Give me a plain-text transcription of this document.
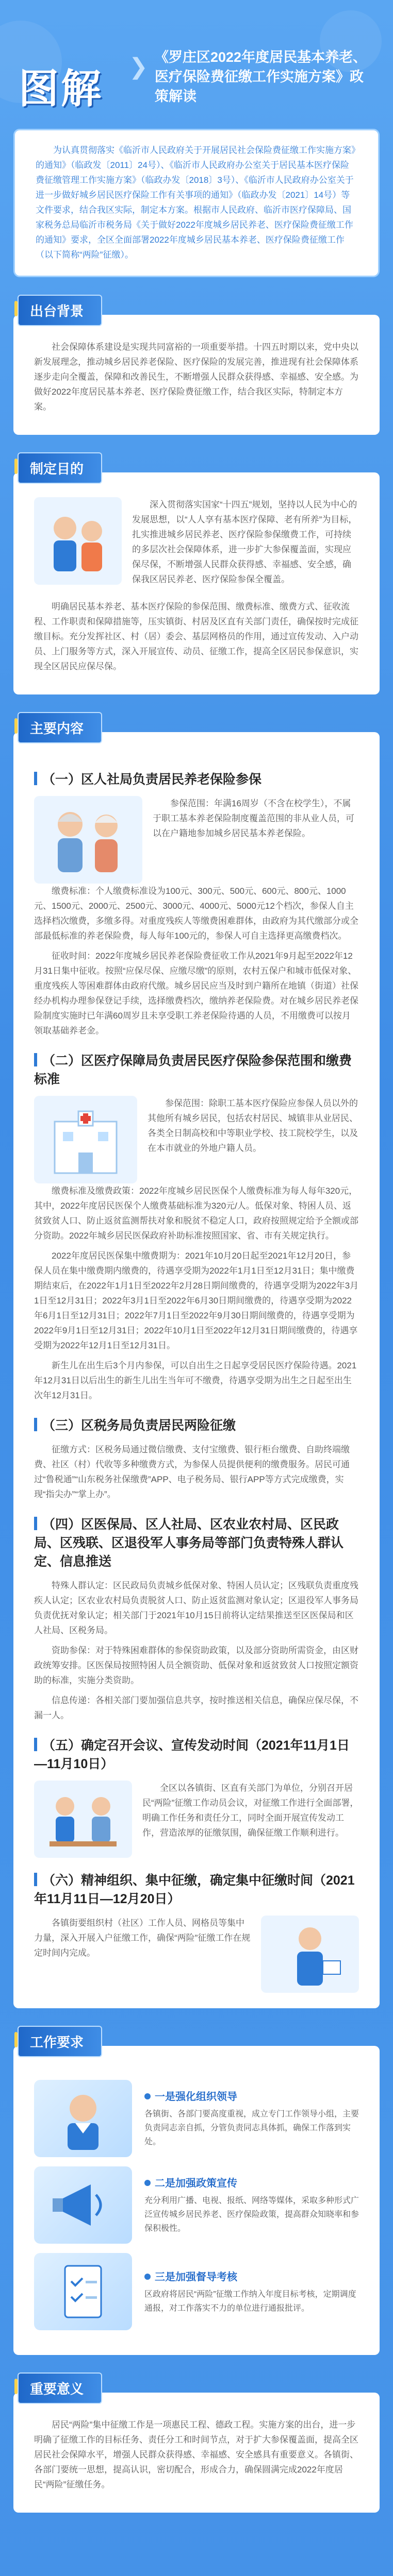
图解 ❯ 《罗庄区2022年度居民基本养老、医疗保险费征缴工作实施方案》政策解读

为认真贯彻落实《临沂市人民政府关于开展居民社会保险费征缴工作实施方案》的通知》（临政发〔2011〕24号）、《临沂市人民政府办公室关于居民基本医疗保险费征缴管理工作实施方案》（临政办发〔2018〕3号）、《临沂市人民政府办公室关于进一步做好城乡居民医疗保险工作有关事项的通知》（临政办发〔2021〕14号）等文件要求，结合我区实际，制定本方案。根据市人民政府、临沂市医疗保障局、国家税务总局临沂市税务局《关于做好2022年度城乡居民养老、医疗保险费征缴工作的通知》要求，全区全面部署2022年度城乡居民基本养老、医疗保险费征缴工作（以下简称“两险”征缴）。

出台背景

社会保障体系建设是实现共同富裕的一项重要举措。十四五时期以来，党中央以新发展理念，推动城乡居民养老保险、医疗保险的发展完善，推进现有社会保障体系逐步走向全覆盖，保障和改善民生，不断增强人民群众获得感、幸福感、安全感。为做好2022年度居民基本养老、医疗保险费征缴工作，结合我区实际，特制定本方案。

制定目的

深入贯彻落实国家“十四五”规划，坚持以人民为中心的发展思想，以“人人享有基本医疗保障、老有所养”为目标，扎实推进城乡居民养老、医疗保险参保缴费工作，可持续的多层次社会保障体系，进一步扩大参保覆盖面，实现应保尽保，不断增强人民群众获得感、幸福感、安全感，确保我区居民养老、医疗保险参保全覆盖。

明确居民基本养老、基本医疗保险的参保范围、缴费标准、缴费方式、征收流程、工作职责和保障措施等，压实镇街、村居及区直有关部门责任，确保按时完成征缴目标。充分发挥社区、村（居）委会、基层网格员的作用，通过宣传发动、入户动员、上门服务等方式，深入开展宣传、动员、征缴工作，提高全区居民参保意识，实现全区居民应保尽保。

主要内容
（一）区人社局负责居民养老保险参保

参保范围：年满16周岁（不含在校学生），不属于职工基本养老保险制度覆盖范围的非从业人员，可以在户籍地参加城乡居民基本养老保险。

缴费标准：个人缴费标准设为100元、300元、500元、600元、800元、1000元、1500元、2000元、2500元、3000元、4000元、5000元12个档次，参保人自主选择档次缴费，多缴多得。对重度残疾人等缴费困难群体，由政府为其代缴部分或全部最低标准的养老保险费，每人每年100元的，参保人可自主选择更高缴费档次。

征收时间：2022年度城乡居民养老保险费征收工作从2021年9月起至2022年12月31日集中征收。按照“应保尽保、应缴尽缴”的原则，农村五保户和城市低保对象、重度残疾人等困难群体由政府代缴。城乡居民应当及时到户籍所在地镇（街道）社保经办机构办理参保登记手续，选择缴费档次，缴纳养老保险费。对在城乡居民养老保险制度实施时已年满60周岁且未享受职工养老保险待遇的人员，不用缴费可以按月领取基础养老金。

（二）区医疗保障局负责居民医疗保险参保范围和缴费标准

参保范围：除职工基本医疗保险应参保人员以外的其他所有城乡居民，包括农村居民、城镇非从业居民、各类全日制高校和中等职业学校、技工院校学生，以及在本市就业的外地户籍人员。

缴费标准及缴费政策：2022年度城乡居民医保个人缴费标准为每人每年320元，其中，2022年度居民医保个人缴费基础标准为320元/人。低保对象、特困人员、返贫致贫人口、防止返贫监测帮扶对象和脱贫不稳定人口，政府按照规定给予全额或部分资助。2022年城乡居民医保政府补助标准按照国家、省、市有关规定执行。

2022年度居民医保集中缴费期为：2021年10月20日起至2021年12月20日，参保人员在集中缴费期内缴费的，待遇享受期为2022年1月1日至12月31日；集中缴费期结束后，在2022年1月1日至2022年2月28日期间缴费的，待遇享受期为2022年3月1日至12月31日；2022年3月1日至2022年6月30日期间缴费的，待遇享受期为2022年6月1日至12月31日；2022年7月1日至2022年9月30日期间缴费的，待遇享受期为2022年9月1日至12月31日；2022年10月1日至2022年12月31日期间缴费的，待遇享受期为2022年12月1日至12月31日。

新生儿在出生后3个月内参保，可以自出生之日起享受居民医疗保险待遇。2021年12月31日以后出生的新生儿出生当年可不缴费，待遇享受期为出生之日起至出生次年12月31日。

（三）区税务局负责居民两险征缴

征缴方式：区税务局通过微信缴费、支付宝缴费、银行柜台缴费、自助终端缴费、社区（村）代收等多种缴费方式，为参保人员提供便利的缴费服务。居民可通过“鲁税通”“山东税务社保缴费”APP、电子税务局、银行APP等方式完成缴费，实现“指尖办”“掌上办”。

（四）区医保局、区人社局、区农业农村局、区民政局、区残联、区退役军人事务局等部门负责特殊人群认定、信息推送

特殊人群认定：区民政局负责城乡低保对象、特困人员认定；区残联负责重度残疾人认定；区农业农村局负责脱贫人口、防止返贫监测对象认定；区退役军人事务局负责优抚对象认定；相关部门于2021年10月15日前将认定结果推送至区医保局和区人社局、区税务局。

资助参保：对于特殊困难群体的参保资助政策，以及部分资助所需资金，由区财政统筹安排。区医保局按照特困人员全额资助、低保对象和返贫致贫人口按照定额资助的标准，实施分类资助。

信息传递：各相关部门要加强信息共享，按时推送相关信息，确保应保尽保，不漏一人。

（五）确定召开会议、宣传发动时间（2021年11月1日—11月10日）

全区以各镇街、区直有关部门为单位，分别召开居民“两险”征缴工作动员会议，对征缴工作进行全面部署，明确工作任务和责任分工，同时全面开展宣传发动工作，营造浓厚的征缴氛围，确保征缴工作顺利进行。

（六）精神组织、集中征缴，确定集中征缴时间（2021年11月11日—12月20日）

各镇街要组织村（社区）工作人员、网格员等集中力量，深入开展入户征缴工作，确保“两险”征缴工作在规定时间内完成。

工作要求
一是强化组织领导
各镇街、各部门要高度重视，成立专门工作领导小组，主要负责同志亲自抓，分管负责同志具体抓，确保工作落到实处。
二是加强政策宣传
充分利用广播、电视、报纸、网络等媒体，采取多种形式广泛宣传城乡居民养老、医疗保险政策，提高群众知晓率和参保积极性。
三是加强督导考核
区政府将居民“两险”征缴工作纳入年度目标考核，定期调度通报，对工作落实不力的单位进行通报批评。
重要意义

居民“两险”集中征缴工作是一项惠民工程、德政工程。实施方案的出台，进一步明确了征缴工作的目标任务、责任分工和时间节点，对于扩大参保覆盖面，提高全区居民社会保障水平，增强人民群众获得感、幸福感、安全感具有重要意义。各镇街、各部门要统一思想，提高认识，密切配合，形成合力，确保圆满完成2022年度居民“两险”征缴任务。
